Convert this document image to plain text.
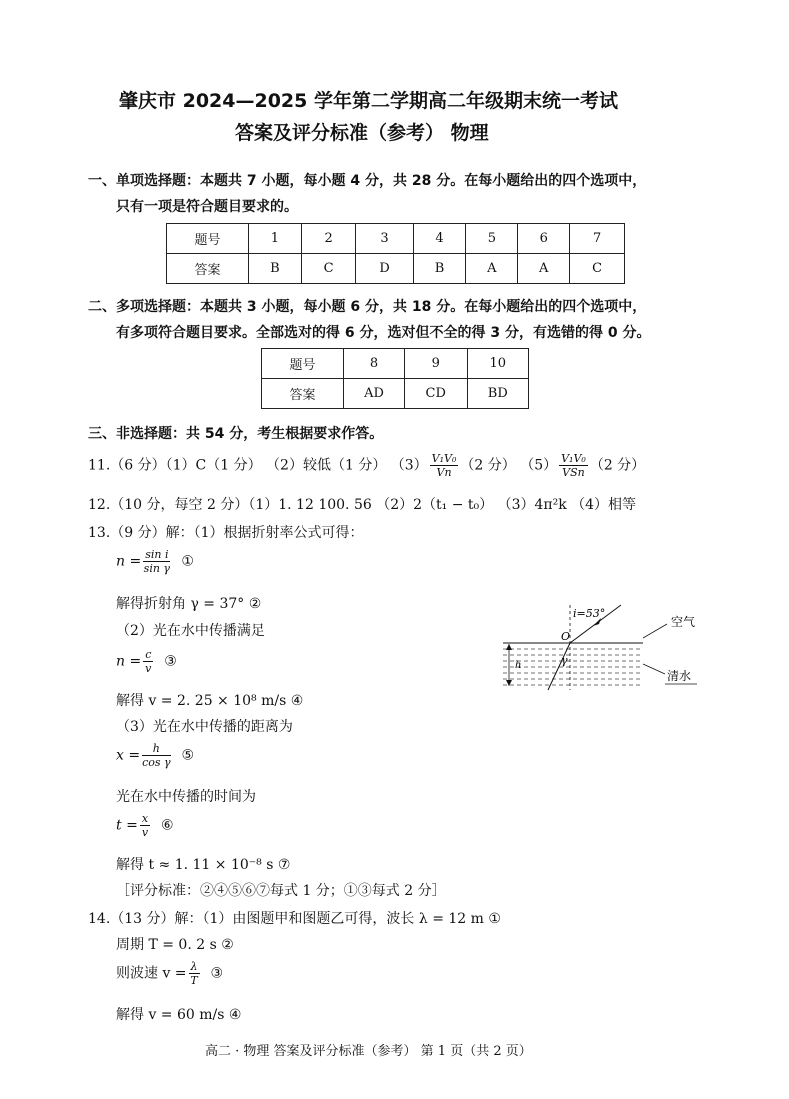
肇庆市 2024—2025 学年第二学期高二年级期末统一考试
答案及评分标准（参考） 物理
一、单项选择题：本题共 7 小题，每小题 4 分，共 28 分。在每小题给出的四个选项中，
只有一项是符合题目要求的。
题号	1	2	3	4	5	6	7
答案	B	C	D	B	A	A	C
二、多项选择题：本题共 3 小题，每小题 6 分，共 18 分。在每小题给出的四个选项中，
有多项符合题目要求。全部选对的得 6 分，选对但不全的得 3 分，有选错的得 0 分。
题号	8	9	10
答案	AD	CD	BD
三、非选择题：共 54 分，考生根据要求作答。
11.（6 分）（1）C（1 分） （2）较低（1 分） $(3) \frac{\text{V₁V₀}}{Vn} (2$ 分） $(5) \frac{\text{V₁V₀}}{\text{VSn}} (2$ 分）
12.（10 分，每空 2 分）（1）1. 12 100. 56 （2）2（t₁ − t₀） （3）4π²k （4）相等
13.（9 分）解：（1）根据折射率公式可得：
$n = \frac{\text{sin i}}{\text{sin γ}}$ ①
解得折射角 γ = 37° ②
（2）光在水中传播满足
$n = \frac{c}{v}$ ③
解得 v = 2. 25 × 10⁸ m/s ④
（3）光在水中传播的距离为
$x = \frac{h}{\text{cos γ}}$ ⑤
光在水中传播的时间为
$t = \frac{x}{v}$ ⑥
解得 t ≈ 1. 11 × 10⁻⁸ s ⑦
［评分标准：②④⑤⑥⑦每式 1 分；①③每式 2 分］
i=53°
O
γ
h
空气
清水
14.（13 分）解：（1）由图题甲和图题乙可得，波长 λ = 12 m ①
周期 T = 0. 2 s ②
则波速 $v = \frac{\lambda}{T}$ ③
解得 v = 60 m/s ④
高二 · 物理 答案及评分标准（参考） 第 1 页（共 2 页）
